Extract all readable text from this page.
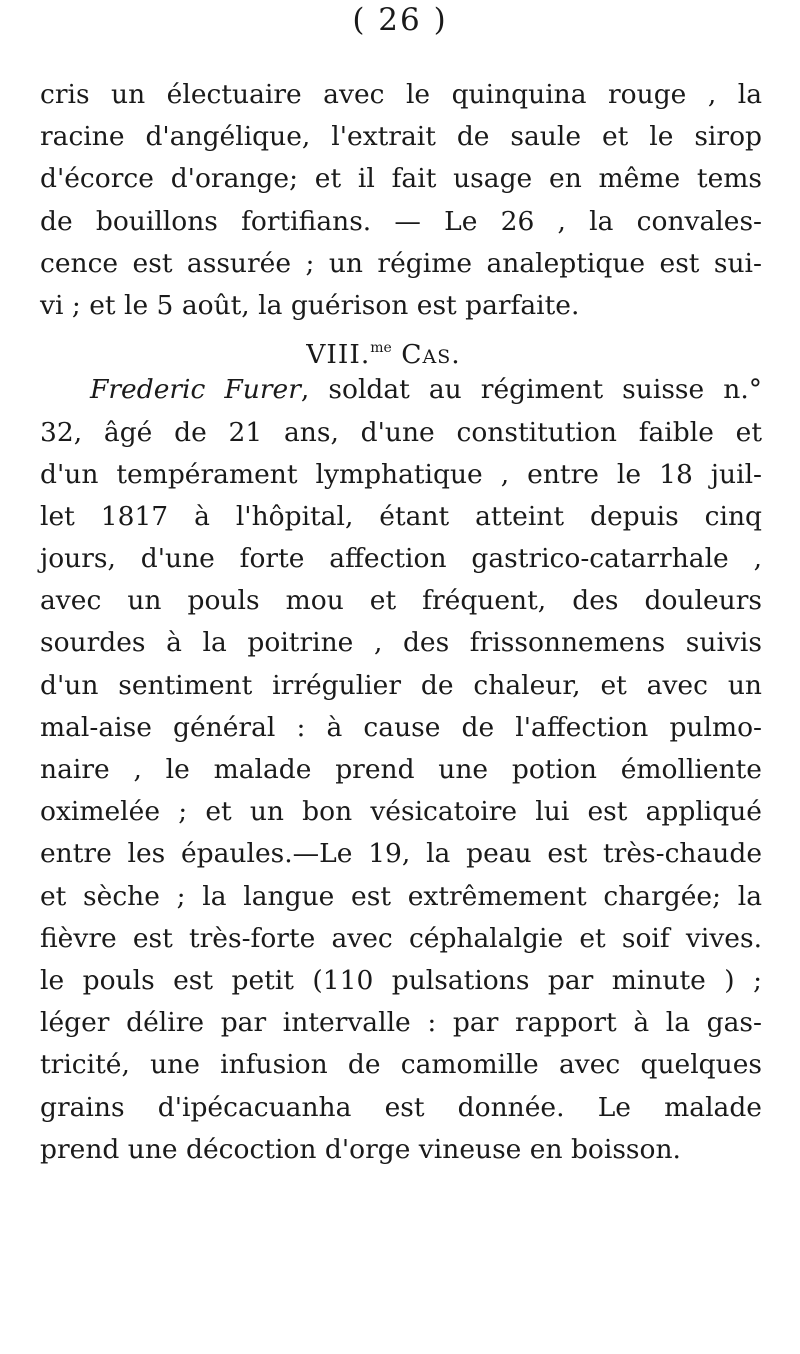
( 26 )
cris un électuaire avec le quinquina rouge , la
racine d'angélique, l'extrait de saule et le sirop
d'écorce d'orange; et il fait usage en même tems
de bouillons fortifians. — Le 26 , la convales-
cence est assurée ; un régime analeptique est sui-
vi ; et le 5 août, la guérison est parfaite.
VIII.$^{me}$ Cas.
Frederic Furer, soldat au régiment suisse n.°
32, âgé de 21 ans, d'une constitution faible et
d'un tempérament lymphatique , entre le 18 juil-
let 1817 à l'hôpital, étant atteint depuis cinq
jours, d'une forte affection gastrico-catarrhale ,
avec un pouls mou et fréquent, des douleurs
sourdes à la poitrine , des frissonnemens suivis
d'un sentiment irrégulier de chaleur, et avec un
mal-aise général : à cause de l'affection pulmo-
naire , le malade prend une potion émolliente
oximelée ; et un bon vésicatoire lui est appliqué
entre les épaules.—Le 19, la peau est très-chaude
et sèche ; la langue est extrêmement chargée; la
fièvre est très-forte avec céphalalgie et soif vives.
le pouls est petit (110 pulsations par minute ) ;
léger délire par intervalle : par rapport à la gas-
tricité, une infusion de camomille avec quelques
grains d'ipécacuanha est donnée. Le malade
prend une décoction d'orge vineuse en boisson.
